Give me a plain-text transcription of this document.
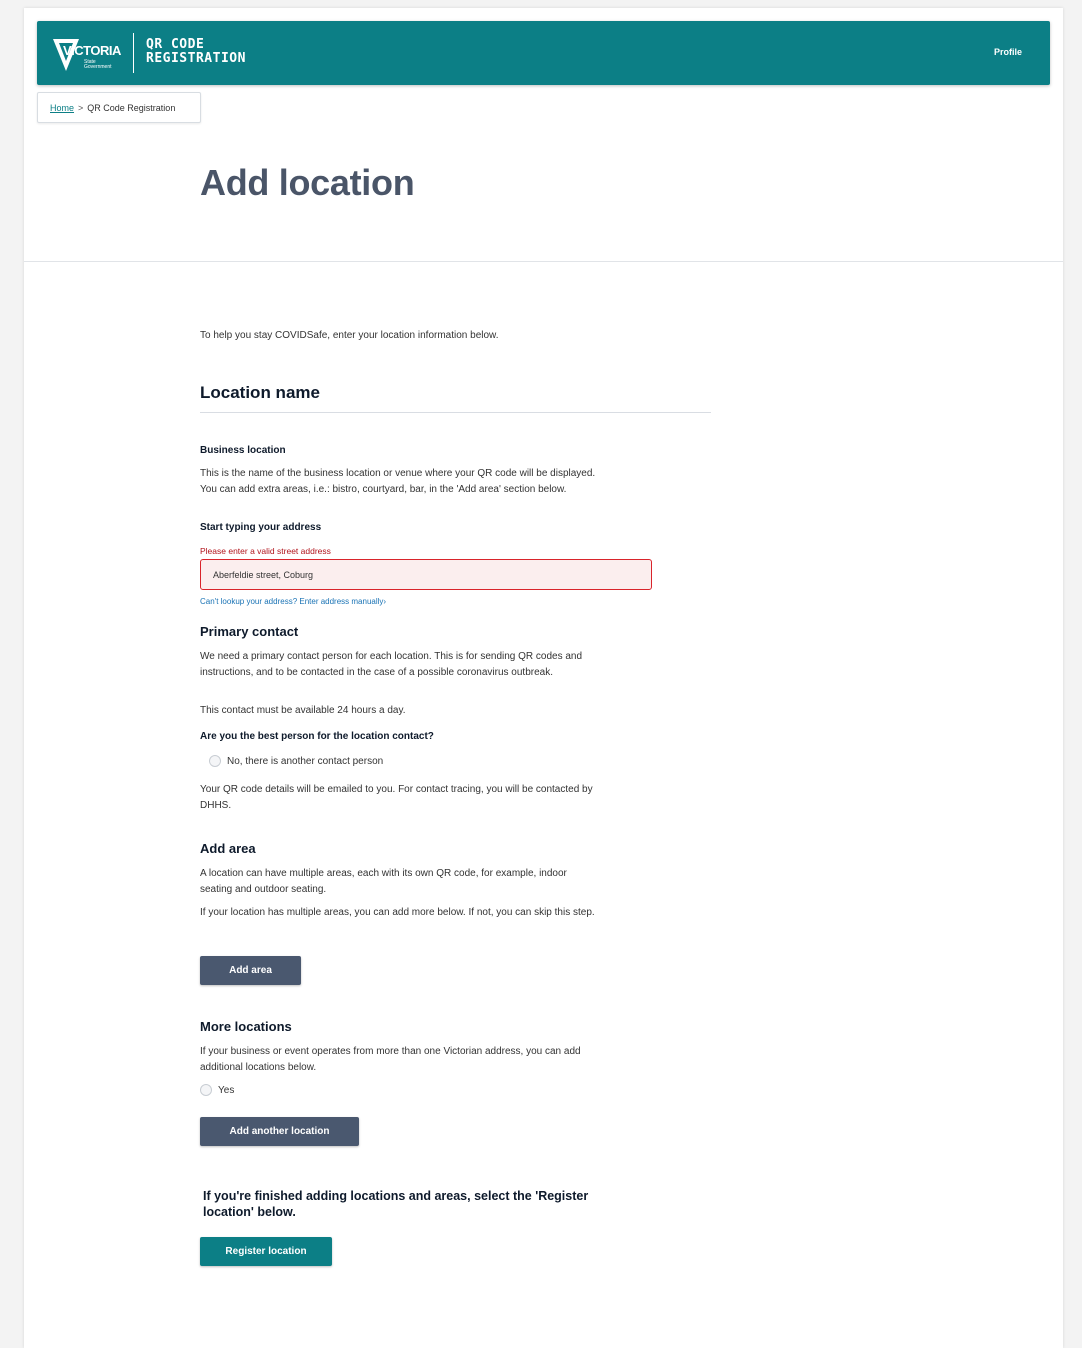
VICTORIA
State
Government
QR CODE
REGISTRATION	Profile
Home > QR Code Registration
Add location

To help you stay COVIDSafe, enter your location information below.

Location name
Business location

This is the name of the business location or venue where your QR code will be displayed. You can add extra areas, i.e.: bistro, courtyard, bar, in the 'Add area' section below.

Start typing your address
Please enter a valid street address
Aberfeldie street, Coburg
Can't lookup your address? Enter address manually›
Primary contact

We need a primary contact person for each location. This is for sending QR codes and instructions, and to be contacted in the case of a possible coronavirus outbreak.

This contact must be available 24 hours a day.

Are you the best person for the location contact?
No, there is another contact person

Your QR code details will be emailed to you. For contact tracing, you will be contacted by DHHS.

Add area

A location can have multiple areas, each with its own QR code, for example, indoor seating and outdoor seating.

If your location has multiple areas, you can add more below. If not, you can skip this step.

Add area
More locations

If your business or event operates from more than one Victorian address, you can add additional locations below.

Yes
Add another location

If you're finished adding locations and areas, select the 'Register location' below.

Register location
